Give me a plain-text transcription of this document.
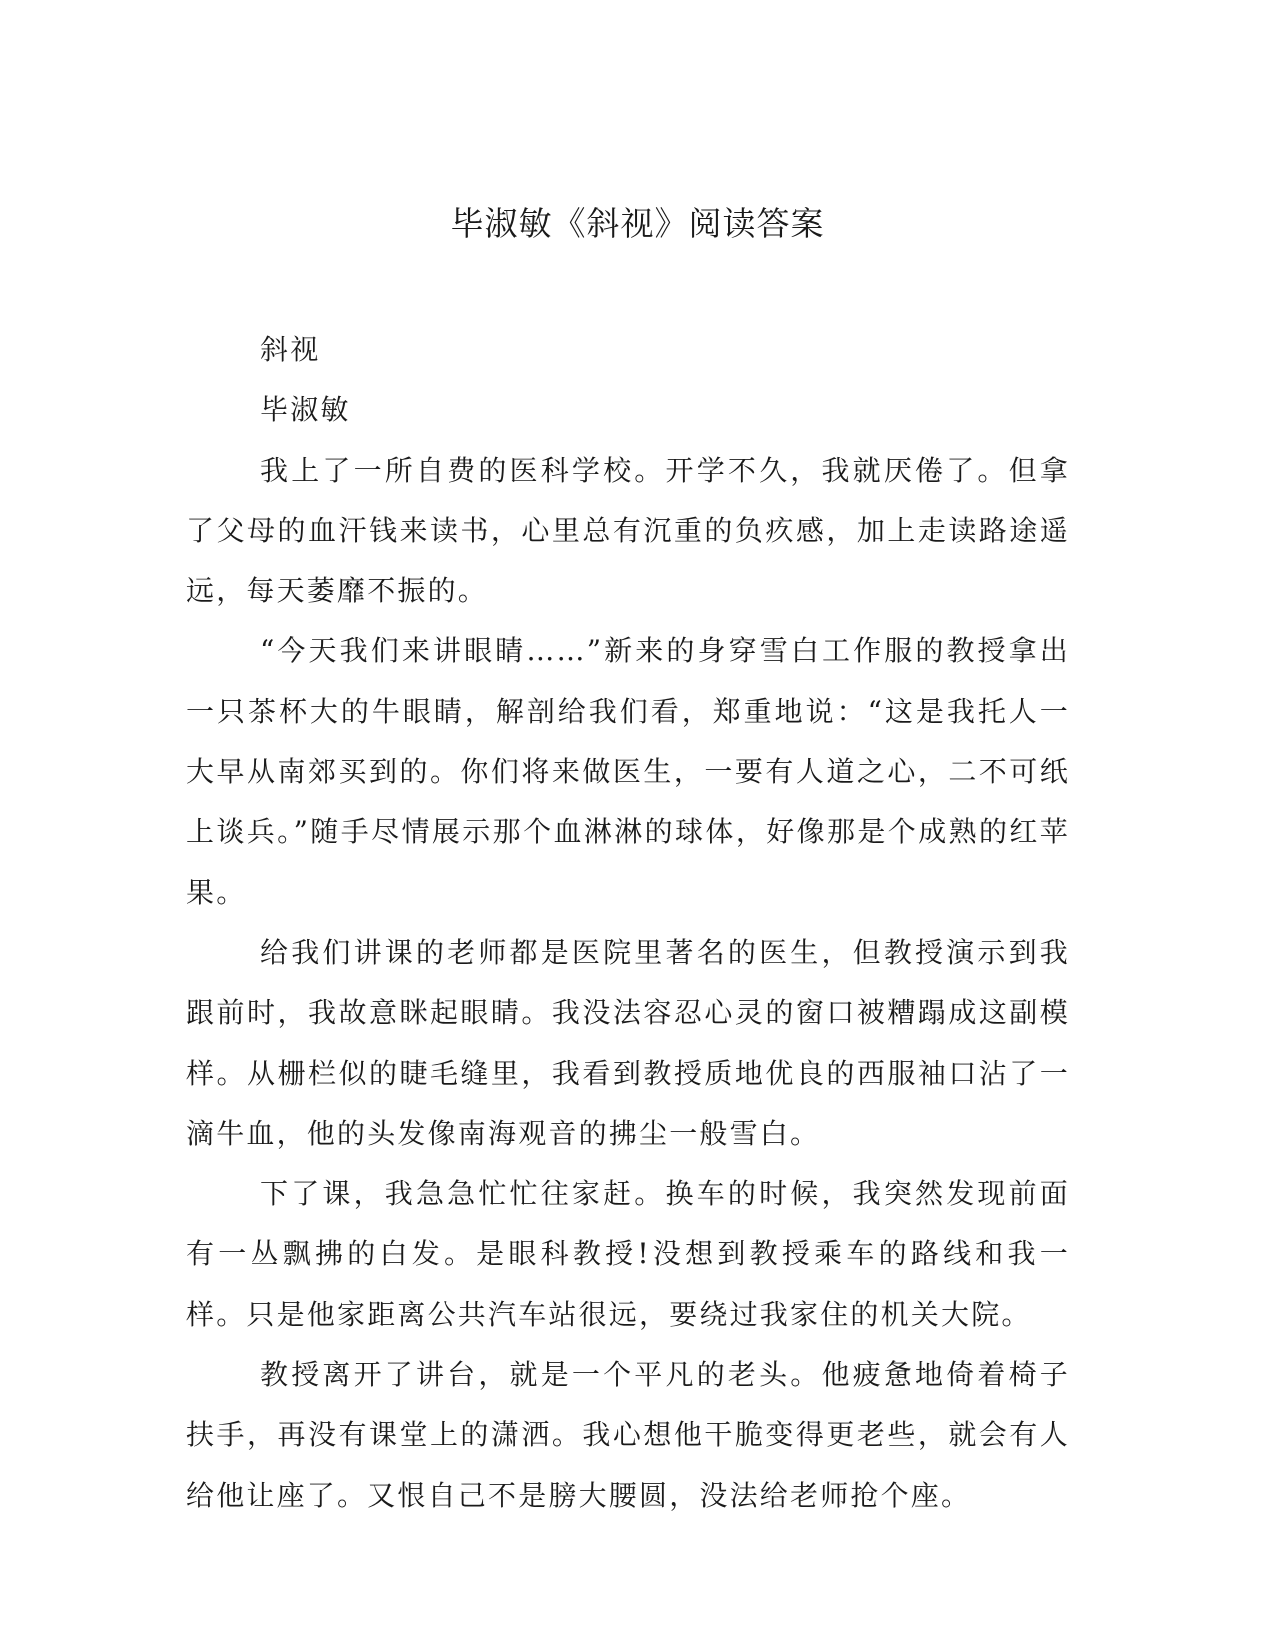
毕淑敏《斜视》阅读答案

斜视

毕淑敏

我上了一所自费的医科学校。开学不久，我就厌倦了。但拿了父母的血汗钱来读书，心里总有沉重的负疚感，加上走读路途遥远，每天萎靡不振的。

“今天我们来讲眼睛……”新来的身穿雪白工作服的教授拿出一只茶杯大的牛眼睛，解剖给我们看，郑重地说：“这是我托人一大早从南郊买到的。你们将来做医生，一要有人道之心，二不可纸上谈兵。”随手尽情展示那个血淋淋的球体，好像那是个成熟的红苹果。

给我们讲课的老师都是医院里著名的医生，但教授演示到我跟前时，我故意眯起眼睛。我没法容忍心灵的窗口被糟蹋成这副模样。从栅栏似的睫毛缝里，我看到教授质地优良的西服袖口沾了一滴牛血，他的头发像南海观音的拂尘一般雪白。

下了课，我急急忙忙往家赶。换车的时候，我突然发现前面有一丛飘拂的白发。是眼科教授!没想到教授乘车的路线和我一样。只是他家距离公共汽车站很远，要绕过我家住的机关大院。

教授离开了讲台，就是一个平凡的老头。他疲惫地倚着椅子扶手，再没有课堂上的潇洒。我心想他干脆变得更老些，就会有人给他让座了。又恨自己不是膀大腰圆，没法给老师抢个座。
